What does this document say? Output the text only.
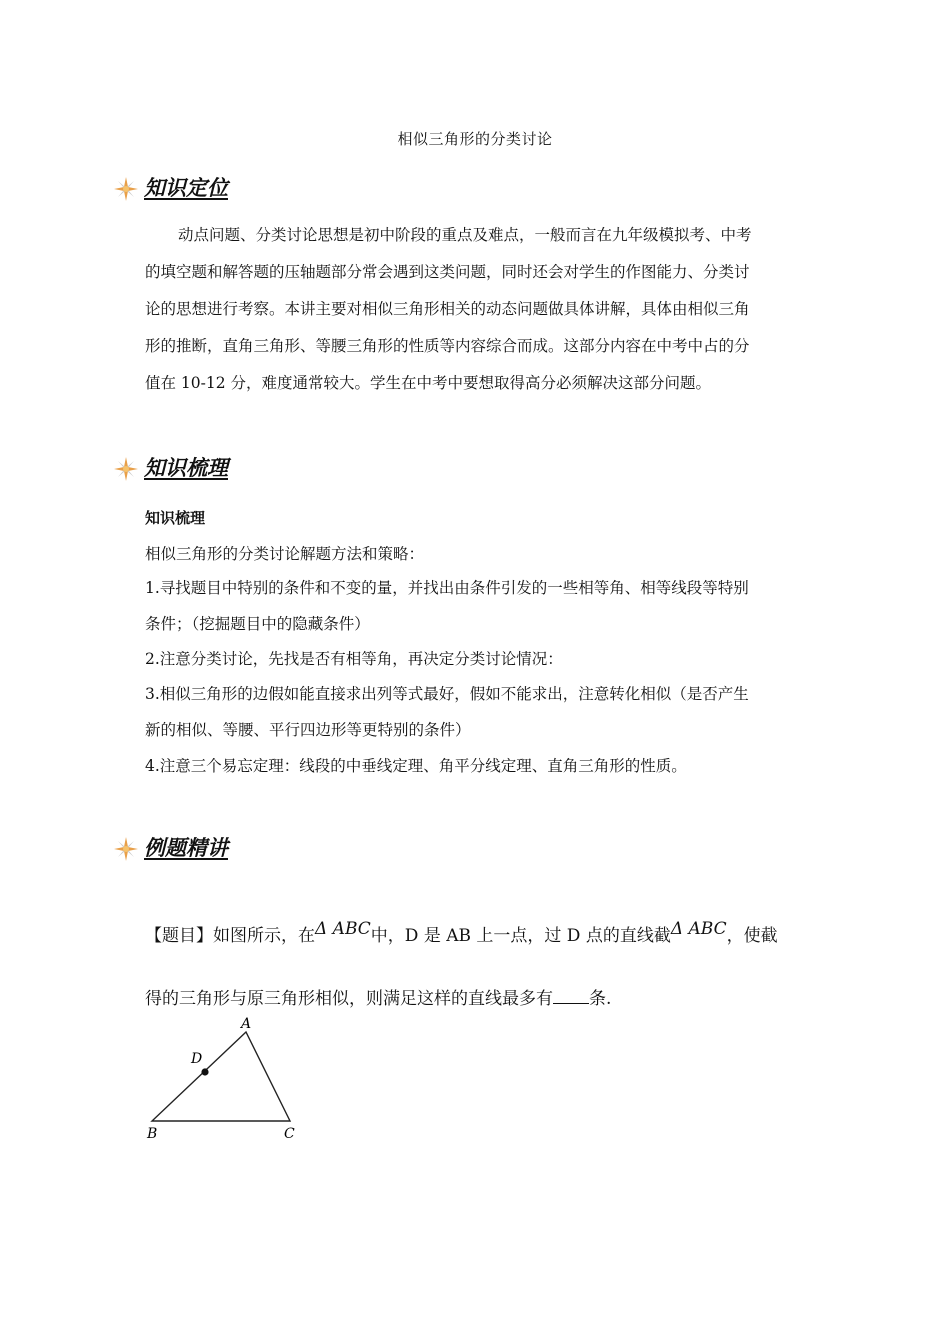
相似三角形的分类讨论
知识定位
动点问题、分类讨论思想是初中阶段的重点及难点，一般而言在九年级模拟考、中考
的填空题和解答题的压轴题部分常会遇到这类问题，同时还会对学生的作图能力、分类讨
论的思想进行考察。本讲主要对相似三角形相关的动态问题做具体讲解，具体由相似三角
形的推断，直角三角形、等腰三角形的性质等内容综合而成。这部分内容在中考中占的分
值在 10-12 分，难度通常较大。学生在中考中要想取得高分必须解决这部分问题。
知识梳理
知识梳理
相似三角形的分类讨论解题方法和策略：
1.寻找题目中特别的条件和不变的量，并找出由条件引发的一些相等角、相等线段等特别
条件；（挖掘题目中的隐藏条件）
2.注意分类讨论，先找是否有相等角，再决定分类讨论情况：
3.相似三角形的边假如能直接求出列等式最好，假如不能求出，注意转化相似（是否产生
新的相似、等腰、平行四边形等更特别的条件）
4.注意三个易忘定理：线段的中垂线定理、角平分线定理、直角三角形的性质。
例题精讲
【题目】如图所示，在Δ ABC中，D 是 AB 上一点，过 D 点的直线截Δ ABC，使截
得的三角形与原三角形相似，则满足这样的直线最多有 条.
A
D
B	C
